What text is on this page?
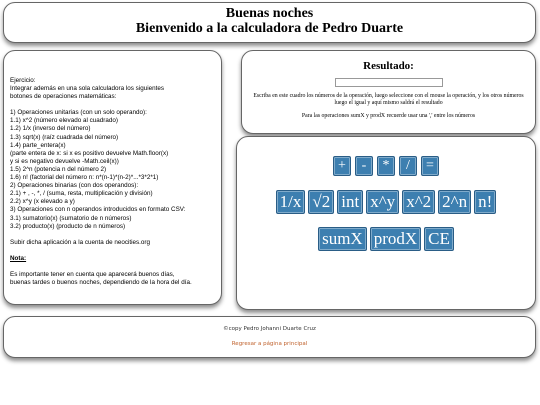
Buenas noches
Bienvenido a la calculadora de Pedro Duarte

Ejercicio:
Integrar además en una sola calculadora los siguientes
botones de operaciones matemáticas:

1) Operaciones unitarias (con un solo operando):
1.1) x^2 (número elevado al cuadrado)
1.2) 1/x (inverso del número)
1.3) sqrt(x) (raíz cuadrada del número)
1.4) parte_entera(x)
(parte entera de x: si x es positivo devuelve Math.floor(x)
y si es negativo devuelve -Math.ceil(x))
1.5) 2^n (potencia n del número 2)
1.6) n! (factorial del número n: n*(n-1)*(n-2)*...*3*2*1)
2) Operaciones binarias (con dos operandos):
2.1) + , -, *, / (suma, resta, multiplicación y división)
2.2) x^y (x elevado a y)
3) Operaciones con n operandos introducidos en formato CSV:
3.1) sumatorio(x) (sumatorio de n números)
3.2) producto(x) (producto de n números)

Subir dicha aplicación a la cuenta de neocities.org

Nota:

Es importante tener en cuenta que aparecerá buenos días,
buenas tardes o buenos noches, dependiendo de la hora del día.

Resultado:
Escriba en este cuadro los números de la operación, luego seleccione con el mouse la operación, y los otros números luego el igual y aquí mismo saldrá el resultado
Para las operaciones sumX y prodX recuerde usar una ',' entre los números
+	-	*	/	=
1/x √2 int x^y x^2 2^n n!
sumX prodX CE
©copy Pedro Johanni Duarte Cruz
Regresar a página principal
